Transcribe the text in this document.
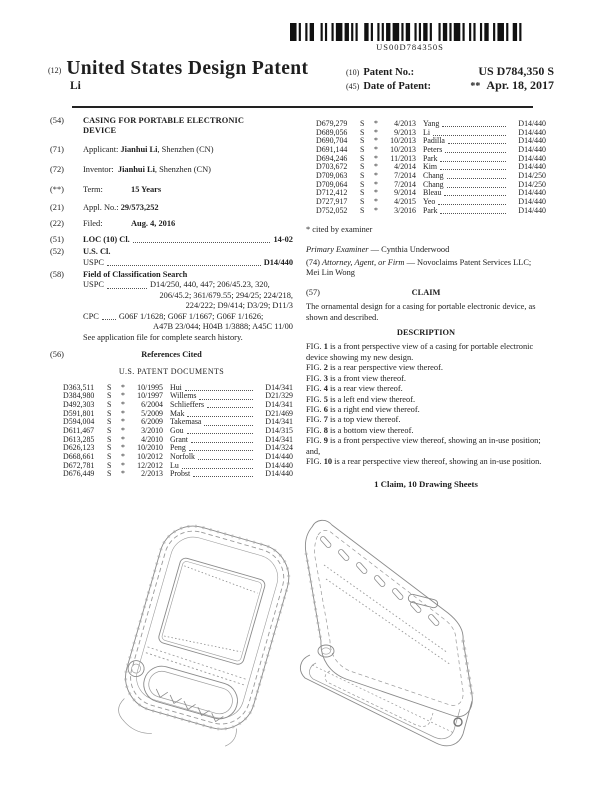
US00D784350S
(12) United States Design Patent
Li
(10) Patent No.:	US D784,350 S
(45) Date of Patent:	** Apr. 18, 2017
(54)	CASING FOR PORTABLE ELECTRONIC DEVICE
(71)	Applicant: Jianhui Li, Shenzhen (CN)
(72)	Inventor: Jianhui Li, Shenzhen (CN)
(**)	Term:	15 Years
(21)	Appl. No.: 29/573,252
(22)	Filed:	Aug. 4, 2016
(51)	LOC (10) Cl.	14-02
(52)	U.S. Cl.
USPC	D14/440
(58)	Field of Classification Search
USPC	D14/250, 440, 447; 206/45.23, 320,
206/45.2; 361/679.55; 294/25; 224/218,
224/222; D9/414; D3/29; D11/3
CPC G06F 1/1628; G06F 1/1667; G06F 1/1626;
A47B 23/044; H04B 1/3888; A45C 11/00
See application file for complete search history.
(56)	References Cited
U.S. PATENT DOCUMENTS
D363,511	S	*	10/1995 Hui	D14/341
D384,980	S	*	10/1997 Willems	D21/329
D492,303	S	*	6/2004 Schlieffers	D14/341
D591,801	S	*	5/2009 Mak	D21/469
D594,004	S	*	6/2009 Takemasa	D14/341
D611,467	S	*	3/2010 Gou	D14/315
D613,285	S	*	4/2010 Grant	D14/341
D626,123	S	*	10/2010 Peng	D14/324
D668,661	S	*	10/2012 Norfolk	D14/440
D672,781	S	*	12/2012 Lu	D14/440
D676,449	S	*	2/2013 Probst	D14/440
D679,279	S	*	4/2013 Yang	D14/440
D689,056	S	*	9/2013 Li	D14/440
D690,704	S	*	10/2013 Padilla	D14/440
D691,144	S	*	10/2013 Peters	D14/440
D694,246	S	*	11/2013 Park	D14/440
D703,672	S	*	4/2014 Kim	D14/440
D709,063	S	*	7/2014 Chang	D14/250
D709,064	S	*	7/2014 Chang	D14/250
D712,412	S	*	9/2014 Bleau	D14/440
D727,917	S	*	4/2015 Yeo	D14/440
D752,052	S	*	3/2016 Park	D14/440
* cited by examiner
Primary Examiner — Cynthia Underwood
(74) Attorney, Agent, or Firm — Novoclaims Patent Services LLC; Mei Lin Wong
(57)	CLAIM
The ornamental design for a casing for portable electronic device, as shown and described.
DESCRIPTION
FIG. 1 is a front perspective view of a casing for portable electronic device showing my new design.
FIG. 2 is a rear perspective view thereof.
FIG. 3 is a front view thereof.
FIG. 4 is a rear view thereof.
FIG. 5 is a left end view thereof.
FIG. 6 is a right end view thereof.
FIG. 7 is a top view thereof.
FIG. 8 is a bottom view thereof.
FIG. 9 is a front perspective view thereof, showing an in-use position; and,
FIG. 10 is a rear perspective view thereof, showing an in-use position.
1 Claim, 10 Drawing Sheets
